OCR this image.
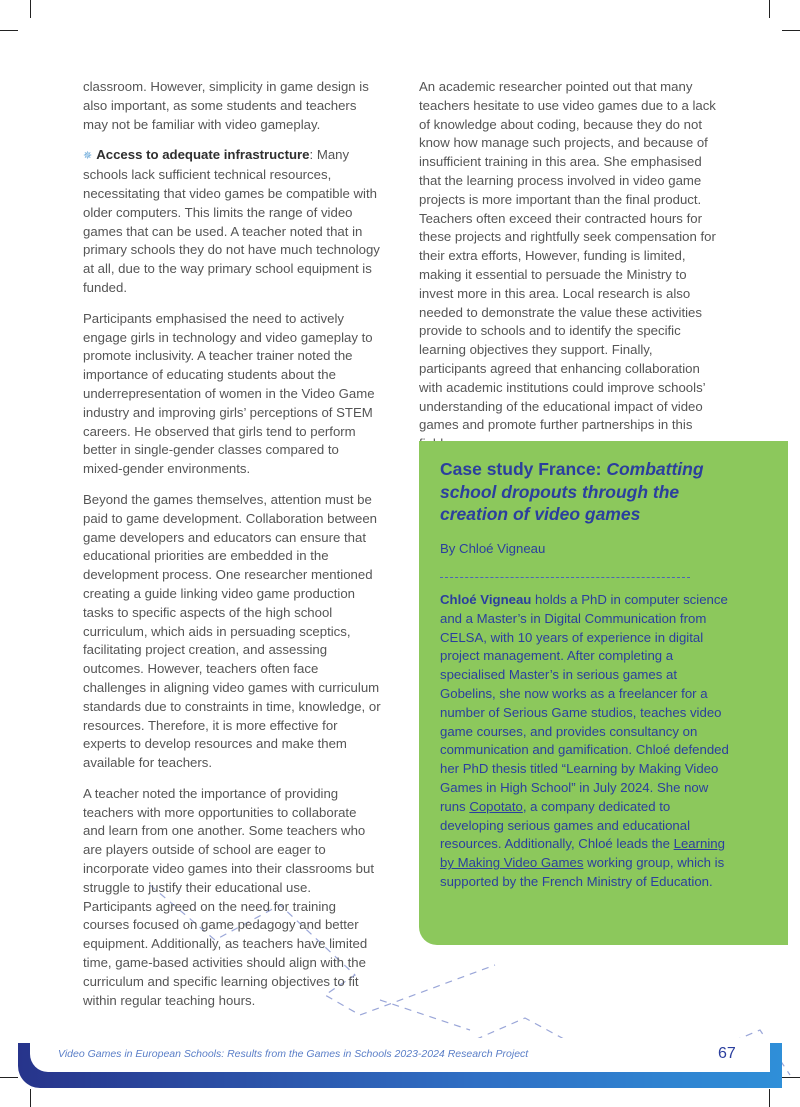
classroom. However, simplicity in game design is also important, as some students and teachers may not be familiar with video gameplay.

✵ Access to adequate infrastructure: Many schools lack sufficient technical resources, necessitating that video games be compatible with older computers. This limits the range of video games that can be used. A teacher noted that in primary schools they do not have much technology at all, due to the way primary school equipment is funded.

Participants emphasised the need to actively engage girls in technology and video gameplay to promote inclusivity. A teacher trainer noted the importance of educating students about the underrepresentation of women in the Video Game industry and improving girls’ perceptions of STEM careers. He observed that girls tend to perform better in single-gender classes compared to mixed-gender environments.

Beyond the games themselves, attention must be paid to game development. Collaboration between game developers and educators can ensure that educational priorities are embedded in the development process. One researcher mentioned creating a guide linking video game production tasks to specific aspects of the high school curriculum, which aids in persuading sceptics, facilitating project creation, and assessing outcomes. However, teachers often face challenges in aligning video games with curriculum standards due to constraints in time, knowledge, or resources. Therefore, it is more effective for experts to develop resources and make them available for teachers.

A teacher noted the importance of providing teachers with more opportunities to collaborate and learn from one another. Some teachers who are players outside of school are eager to incorporate video games into their classrooms but struggle to justify their educational use. Participants agreed on the need for training courses focused on game pedagogy and better equipment. Additionally, as teachers have limited time, game-based activities should align with the curriculum and specific learning objectives to fit within regular teaching hours.

An academic researcher pointed out that many teachers hesitate to use video games due to a lack of knowledge about coding, because they do not know how manage such projects, and because of insufficient training in this area. She emphasised that the learning process involved in video game projects is more important than the final product. Teachers often exceed their contracted hours for these projects and rightfully seek compensation for their extra efforts, However, funding is limited, making it essential to persuade the Ministry to invest more in this area. Local research is also needed to demonstrate the value these activities provide to schools and to identify the specific learning objectives they support. Finally, participants agreed that enhancing collaboration with academic institutions could improve schools’ understanding of the educational impact of video games and promote further partnerships in this

Case study France: Combatting school dropouts through the creation of video games
By Chloé Vigneau
Chloé Vigneau holds a PhD in computer science and a Master’s in Digital Communication from CELSA, with 10 years of experience in digital project management. After completing a specialised Master’s in serious games at Gobelins, she now works as a freelancer for a number of Serious Game studios, teaches video game courses, and provides consultancy on communication and gamification. Chloé defended her PhD thesis titled “Learning by Making Video Games in High School” in July 2024. She now runs Copotato, a company dedicated to developing serious games and educational resources. Additionally, Chloé leads the Learning by Making Video Games working group, which is supported by the French Ministry of Education.
Video Games in European Schools: Results from the Games in Schools 2023-2024 Research Project	67
